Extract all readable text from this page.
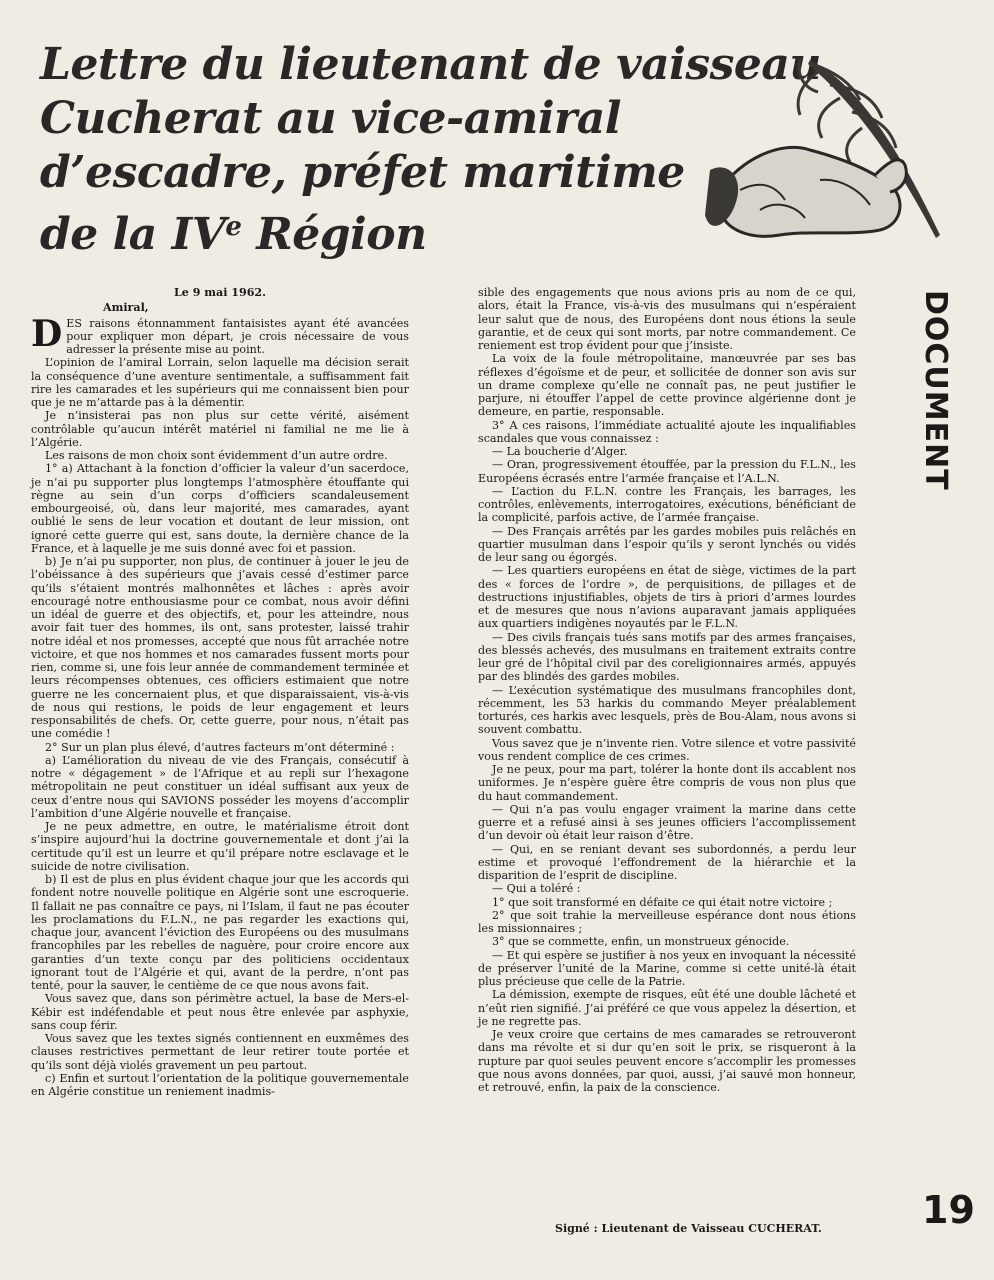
Lettre du lieutenant de vaisseau
Cucherat au vice-amiral
d’escadre, préfet maritime
de la IVe Région
DOCUMENT
Le 9 mai 1962.
Amiral,

DES raisons étonnamment fantaisistes ayant été avancées pour expliquer mon départ, je crois nécessaire de vous adresser la présente mise au point.

L’opinion de l’amiral Lorrain, selon laquelle ma décision serait la conséquence d’une aventure sentimentale, a suffisamment fait rire les camarades et les supérieurs qui me connaissent bien pour que je ne m’attarde pas à la démentir.

Je n’insisterai pas non plus sur cette vérité, aisément contrôlable qu’aucun intérêt matériel ni familial ne me lie à l’Algérie.

Les raisons de mon choix sont évidemment d’un autre ordre.

1° a) Attachant à la fonction d’officier la valeur d’un sacerdoce, je n’ai pu supporter plus longtemps l’atmosphère étouffante qui règne au sein d’un corps d’officiers scandaleusement embourgeoisé, où, dans leur majorité, mes camarades, ayant oublié le sens de leur vocation et doutant de leur mission, ont ignoré cette guerre qui est, sans doute, la dernière chance de la France, et à laquelle je me suis donné avec foi et passion.

b) Je n’ai pu supporter, non plus, de continuer à jouer le jeu de l’obéissance à des supérieurs que j’avais cessé d’estimer parce qu’ils s’étaient montrés malhonnêtes et lâches : après avoir encouragé notre enthousiasme pour ce combat, nous avoir défini un idéal de guerre et des objectifs, et, pour les atteindre, nous avoir fait tuer des hommes, ils ont, sans protester, laissé trahir notre idéal et nos promesses, accepté que nous fût arrachée notre victoire, et que nos hommes et nos camarades fussent morts pour rien, comme si, une fois leur année de commandement terminée et leurs récompenses obtenues, ces officiers estimaient que notre guerre ne les concernaient plus, et que disparaissaient, vis-à-vis de nous qui restions, le poids de leur engagement et leurs responsabilités de chefs. Or, cette guerre, pour nous, n’était pas une comédie !

2° Sur un plan plus élevé, d’autres facteurs m’ont déterminé :

a) L’amélioration du niveau de vie des Français, consécutif à notre « dégagement » de l’Afrique et au repli sur l’hexagone métropolitain ne peut constituer un idéal suffisant aux yeux de ceux d’entre nous qui SAVIONS posséder les moyens d’accomplir l’ambition d’une Algérie nouvelle et française.

Je ne peux admettre, en outre, le matérialisme étroit dont s’inspire aujourd’hui la doctrine gouvernementale et dont j’ai la certitude qu’il est un leurre et qu’il prépare notre esclavage et le suicide de notre civilisation.

b) Il est de plus en plus évident chaque jour que les accords qui fondent notre nouvelle politique en Algérie sont une escroquerie. Il fallait ne pas connaître ce pays, ni l’Islam, il faut ne pas écouter les proclamations du F.L.N., ne pas regarder les exactions qui, chaque jour, avancent l’éviction des Européens ou des musulmans francophiles par les rebelles de naguère, pour croire encore aux garanties d’un texte conçu par des politiciens occidentaux ignorant tout de l’Algérie et qui, avant de la perdre, n’ont pas tenté, pour la sauver, le centième de ce que nous avons fait.

Vous savez que, dans son périmètre actuel, la base de Mers-el-Kébir est indéfendable et peut nous être enlevée par asphyxie, sans coup férir.

Vous savez que les textes signés contiennent en euxmêmes des clauses restrictives permettant de leur retirer toute portée et qu’ils sont déjà violés gravement un peu partout.

c) Enfin et surtout l’orientation de la politique gouvernementale en Algérie constitue un reniement inadmis-

sible des engagements que nous avions pris au nom de ce qui, alors, était la France, vis-à-vis des musulmans qui n’espéraient leur salut que de nous, des Européens dont nous étions la seule garantie, et de ceux qui sont morts, par notre commandement. Ce reniement est trop évident pour que j’insiste.

La voix de la foule métropolitaine, manœuvrée par ses bas réflexes d’égoïsme et de peur, et sollicitée de donner son avis sur un drame complexe qu’elle ne connaît pas, ne peut justifier le parjure, ni étouffer l’appel de cette province algérienne dont je demeure, en partie, responsable.

3° A ces raisons, l’immédiate actualité ajoute les inqualifiables scandales que vous connaissez :

— La boucherie d’Alger.

— Oran, progressivement étouffée, par la pression du F.L.N., les Européens écrasés entre l’armée française et l’A.L.N.

— L’action du F.L.N. contre les Français, les barrages, les contrôles, enlèvements, interrogatoires, exécutions, bénéficiant de la complicité, parfois active, de l’armée française.

— Des Français arrêtés par les gardes mobiles puis relâchés en quartier musulman dans l’espoir qu’ils y seront lynchés ou vidés de leur sang ou égorgés.

— Les quartiers européens en état de siège, victimes de la part des « forces de l’ordre », de perquisitions, de pillages et de destructions injustifiables, objets de tirs à priori d’armes lourdes et de mesures que nous n’avions auparavant jamais appliquées aux quartiers indigènes noyautés par le F.L.N.

— Des civils français tués sans motifs par des armes françaises, des blessés achevés, des musulmans en traitement extraits contre leur gré de l’hôpital civil par des coreligionnaires armés, appuyés par des blindés des gardes mobiles.

— L’exécution systématique des musulmans francophiles dont, récemment, les 53 harkis du commando Meyer préalablement torturés, ces harkis avec lesquels, près de Bou-Alam, nous avons si souvent combattu.

Vous savez que je n’invente rien. Votre silence et votre passivité vous rendent complice de ces crimes.

Je ne peux, pour ma part, tolérer la honte dont ils accablent nos uniformes. Je n’espère guère être compris de vous non plus que du haut commandement.

— Qui n’a pas voulu engager vraiment la marine dans cette guerre et a refusé ainsi à ses jeunes officiers l’accomplissement d’un devoir où était leur raison d’être.

— Qui, en se reniant devant ses subordonnés, a perdu leur estime et provoqué l’effondrement de la hiérarchie et la disparition de l’esprit de discipline.

— Qui a toléré :

1° que soit transformé en défaite ce qui était notre victoire ;

2° que soit trahie la merveilleuse espérance dont nous étions les missionnaires ;

3° que se commette, enfin, un monstrueux génocide.

— Et qui espère se justifier à nos yeux en invoquant la nécessité de préserver l’unité de la Marine, comme si cette unité-là était plus précieuse que celle de la Patrie.

La démission, exempte de risques, eût été une double lâcheté et n’eût rien signifié. J’ai préféré ce que vous appelez la désertion, et je ne regrette pas.

Je veux croire que certains de mes camarades se retrouveront dans ma révolte et si dur qu’en soit le prix, se risqueront à la rupture par quoi seules peuvent encore s’accomplir les promesses que nous avons données, par quoi, aussi, j’ai sauvé mon honneur, et retrouvé, enfin, la paix de la conscience.

Signé : Lieutenant de Vaisseau CUCHERAT.	19
